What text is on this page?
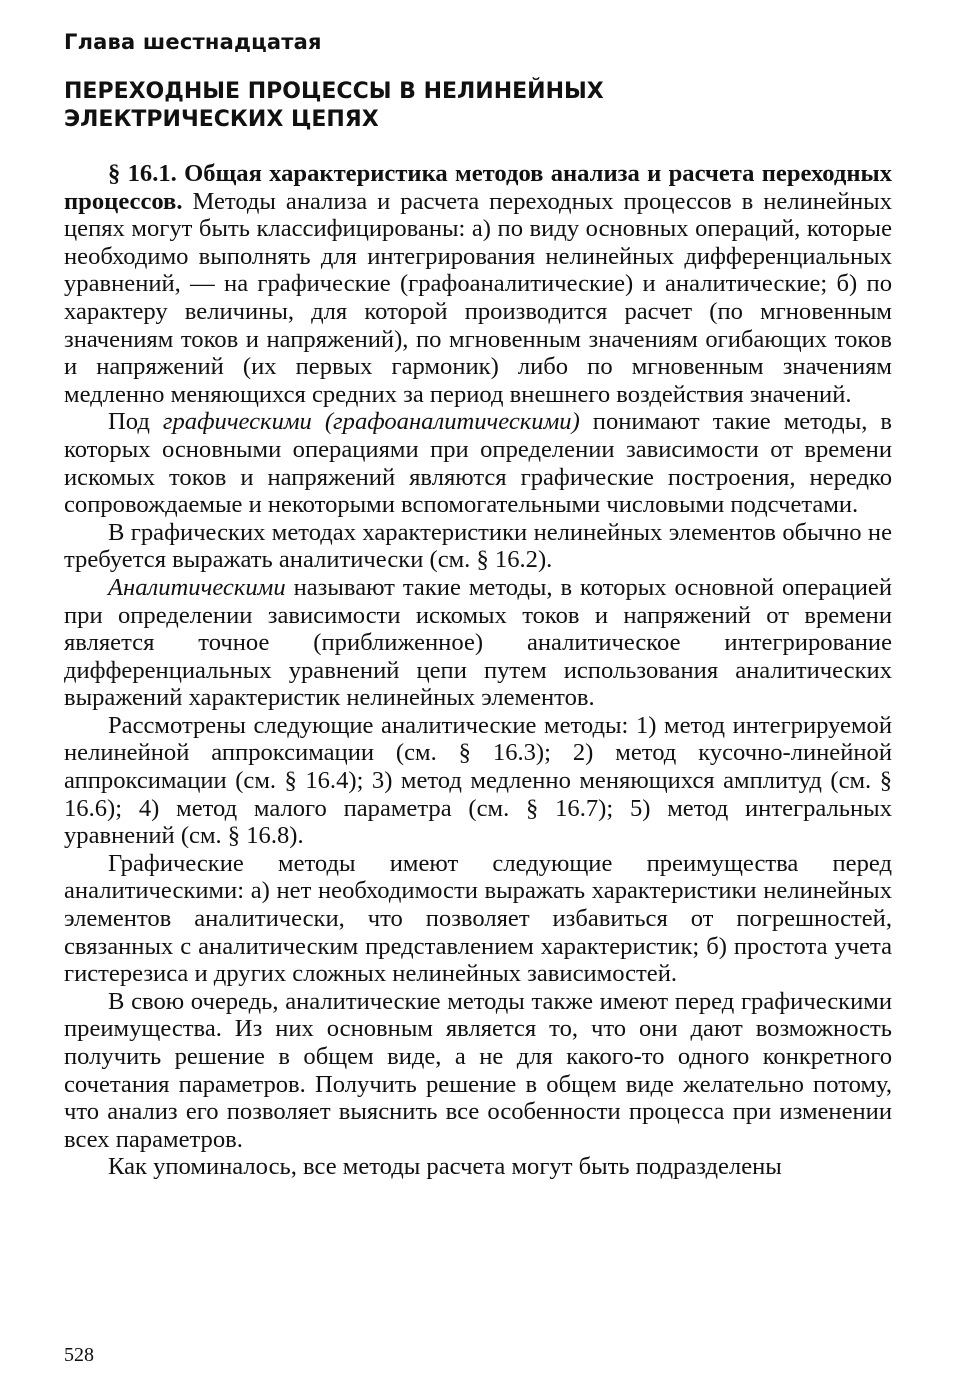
Глава шестнадцатая
ПЕРЕХОДНЫЕ ПРОЦЕССЫ В НЕЛИНЕЙНЫХ
ЭЛЕКТРИЧЕСКИХ ЦЕПЯХ

§ 16.1. Общая характеристика методов анализа и расчета переходных процессов. Методы анализа и расчета переходных процессов в нелинейных цепях могут быть классифицированы: а) по виду основных операций, которые необходимо выполнять для интегрирования нелинейных дифференциальных уравнений, — на графические (графоаналитические) и аналитические; б) по характеру величины, для которой производится расчет (по мгновенным значениям токов и напряжений), по мгновенным значениям огибающих токов и напряжений (их первых гармоник) либо по мгновенным значениям медленно меняющихся средних за период внешнего воздействия значений.

Под графическими (графоаналитическими) понимают такие методы, в которых основными операциями при определении зависимости от времени искомых токов и напряжений являются графические построения, нередко сопровождаемые и некоторыми вспомогательными числовыми подсчетами.

В графических методах характеристики нелинейных элементов обычно не требуется выражать аналитически (см. § 16.2).

Аналитическими называют такие методы, в которых основной операцией при определении зависимости искомых токов и напряжений от времени является точное (приближенное) аналитическое интегрирование дифференциальных уравнений цепи путем использования аналитических выражений характеристик нелинейных элементов.

Рассмотрены следующие аналитические методы: 1) метод интегрируемой нелинейной аппроксимации (см. § 16.3); 2) метод кусочно-линейной аппроксимации (см. § 16.4); 3) метод медленно меняющихся амплитуд (см. § 16.6); 4) метод малого параметра (см. § 16.7); 5) метод интегральных уравнений (см. § 16.8).

Графические методы имеют следующие преимущества перед аналитическими: а) нет необходимости выражать характеристики нелинейных элементов аналитически, что позволяет избавиться от погрешностей, связанных с аналитическим представлением характеристик; б) простота учета гистерезиса и других сложных нелинейных зависимостей.

В свою очередь, аналитические методы также имеют перед графическими преимущества. Из них основным является то, что они дают возможность получить решение в общем виде, а не для какого-то одного конкретного сочетания параметров. Получить решение в общем виде желательно потому, что анализ его позволяет выяснить все особенности процесса при изменении всех параметров.

Как упоминалось, все методы расчета могут быть подразделены

528
